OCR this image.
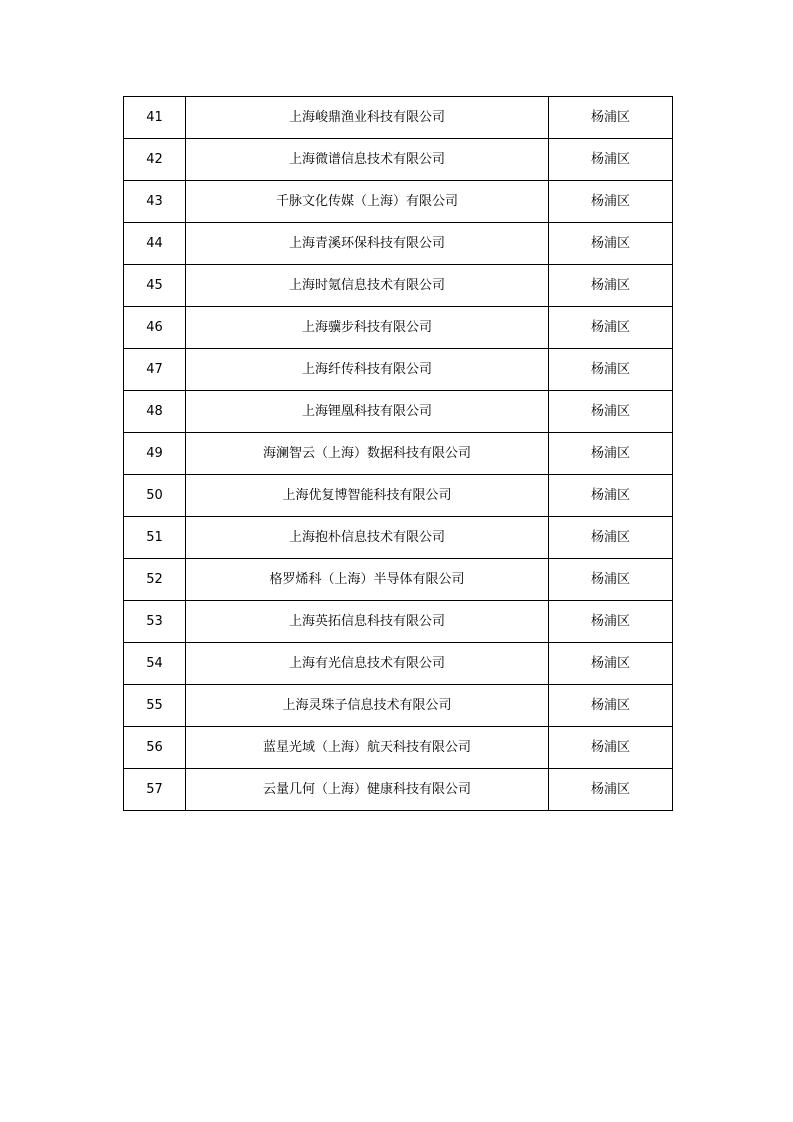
41	上海峻鼎渔业科技有限公司	杨浦区
42	上海微谱信息技术有限公司	杨浦区
43	千脉文化传媒（上海）有限公司	杨浦区
44	上海青溪环保科技有限公司	杨浦区
45	上海时氪信息技术有限公司	杨浦区
46	上海骥步科技有限公司	杨浦区
47	上海纤传科技有限公司	杨浦区
48	上海锂凰科技有限公司	杨浦区
49	海澜智云（上海）数据科技有限公司	杨浦区
50	上海优复博智能科技有限公司	杨浦区
51	上海抱朴信息技术有限公司	杨浦区
52	格罗烯科（上海）半导体有限公司	杨浦区
53	上海英拓信息科技有限公司	杨浦区
54	上海有光信息技术有限公司	杨浦区
55	上海灵珠子信息技术有限公司	杨浦区
56	蓝星光域（上海）航天科技有限公司	杨浦区
57	云量几何（上海）健康科技有限公司	杨浦区
